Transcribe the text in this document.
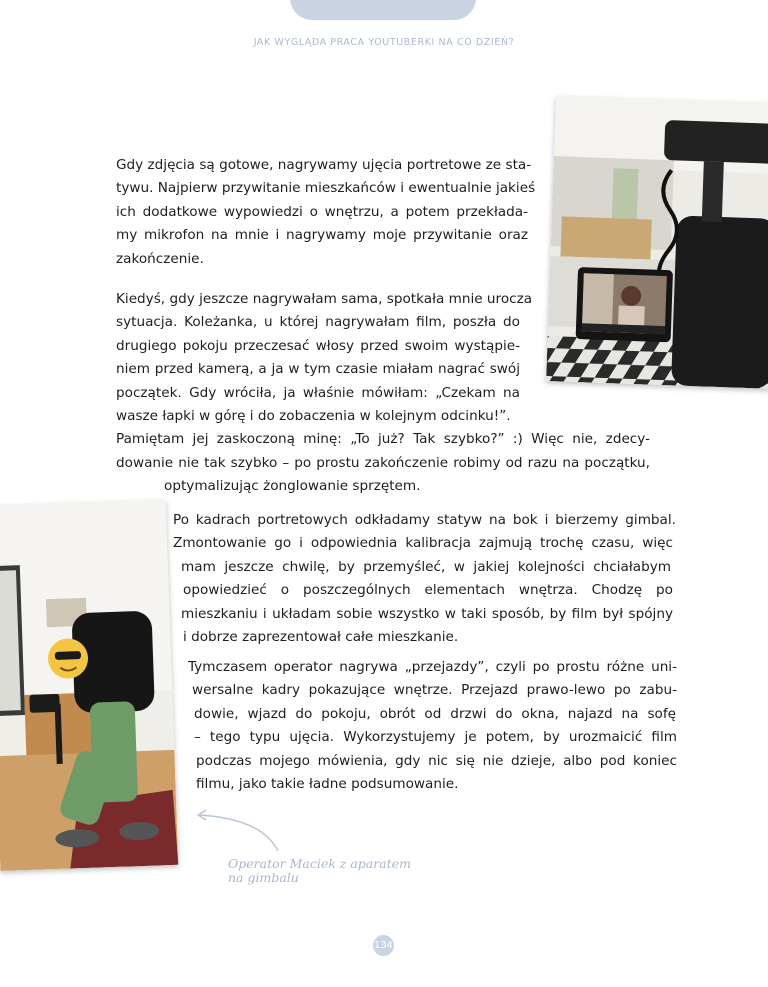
JAK WYGLĄDA PRACA YOUTUBERKI NA CO DZIEŃ?
Gdy zdjęcia są gotowe, nagrywamy ujęcia portretowe ze sta-
tywu. Najpierw przywitanie mieszkańców i ewentualnie jakieś
ich dodatkowe wypowiedzi o wnętrzu, a potem przekłada-
my mikrofon na mnie i nagrywamy moje przywitanie oraz
zakończenie.
Kiedyś, gdy jeszcze nagrywałam sama, spotkała mnie urocza
sytuacja. Koleżanka, u której nagrywałam film, poszła do
drugiego pokoju przeczesać włosy przed swoim wystąpie-
niem przed kamerą, a ja w tym czasie miałam nagrać swój
początek. Gdy wróciła, ja właśnie mówiłam: „Czekam na
wasze łapki w górę i do zobaczenia w kolejnym odcinku!”.
Pamiętam jej zaskoczoną minę: „To już? Tak szybko?” :) Więc nie, zdecy-
dowanie nie tak szybko – po prostu zakończenie robimy od razu na początku,
optymalizując żonglowanie sprzętem.
Po kadrach portretowych odkładamy statyw na bok i bierzemy gimbal.
Zmontowanie go i odpowiednia kalibracja zajmują trochę czasu, więc
mam jeszcze chwilę, by przemyśleć, w jakiej kolejności chciałabym
opowiedzieć o poszczególnych elementach wnętrza. Chodzę po
mieszkaniu i układam sobie wszystko w taki sposób, by film był spójny
i dobrze zaprezentował całe mieszkanie.
Tymczasem operator nagrywa „przejazdy”, czyli po prostu różne uni-
wersalne kadry pokazujące wnętrze. Przejazd prawo-lewo po zabu-
dowie, wjazd do pokoju, obrót od drzwi do okna, najazd na sofę
– tego typu ujęcia. Wykorzystujemy je potem, by urozmaicić film
podczas mojego mówienia, gdy nic się nie dzieje, albo pod koniec
filmu, jako takie ładne podsumowanie.
Operator Maciek z aparatem
na gimbalu
134
